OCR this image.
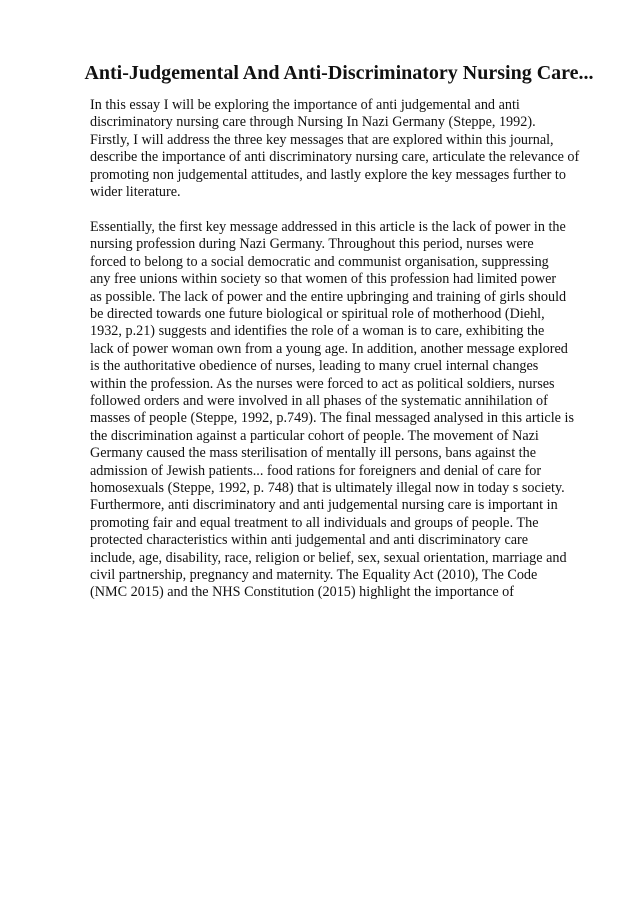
Anti-Judgemental And Anti-Discriminatory Nursing Care...

In this essay I will be exploring the importance of anti judgemental and anti
discriminatory nursing care through Nursing In Nazi Germany (Steppe, 1992).
Firstly, I will address the three key messages that are explored within this journal,
describe the importance of anti discriminatory nursing care, articulate the relevance of
promoting non judgemental attitudes, and lastly explore the key messages further to
wider literature.

Essentially, the first key message addressed in this article is the lack of power in the
nursing profession during Nazi Germany. Throughout this period, nurses were
forced to belong to a social democratic and communist organisation, suppressing
any free unions within society so that women of this profession had limited power
as possible. The lack of power and the entire upbringing and training of girls should
be directed towards one future biological or spiritual role of motherhood (Diehl,
1932, p.21) suggests and identifies the role of a woman is to care, exhibiting the
lack of power woman own from a young age. In addition, another message explored
is the authoritative obedience of nurses, leading to many cruel internal changes
within the profession. As the nurses were forced to act as political soldiers, nurses
followed orders and were involved in all phases of the systematic annihilation of
masses of people (Steppe, 1992, p.749). The final messaged analysed in this article is
the discrimination against a particular cohort of people. The movement of Nazi
Germany caused the mass sterilisation of mentally ill persons, bans against the
admission of Jewish patients... food rations for foreigners and denial of care for
homosexuals (Steppe, 1992, p. 748) that is ultimately illegal now in today s society.
Furthermore, anti discriminatory and anti judgemental nursing care is important in
promoting fair and equal treatment to all individuals and groups of people. The
protected characteristics within anti judgemental and anti discriminatory care
include, age, disability, race, religion or belief, sex, sexual orientation, marriage and
civil partnership, pregnancy and maternity. The Equality Act (2010), The Code
(NMC 2015) and the NHS Constitution (2015) highlight the importance of
